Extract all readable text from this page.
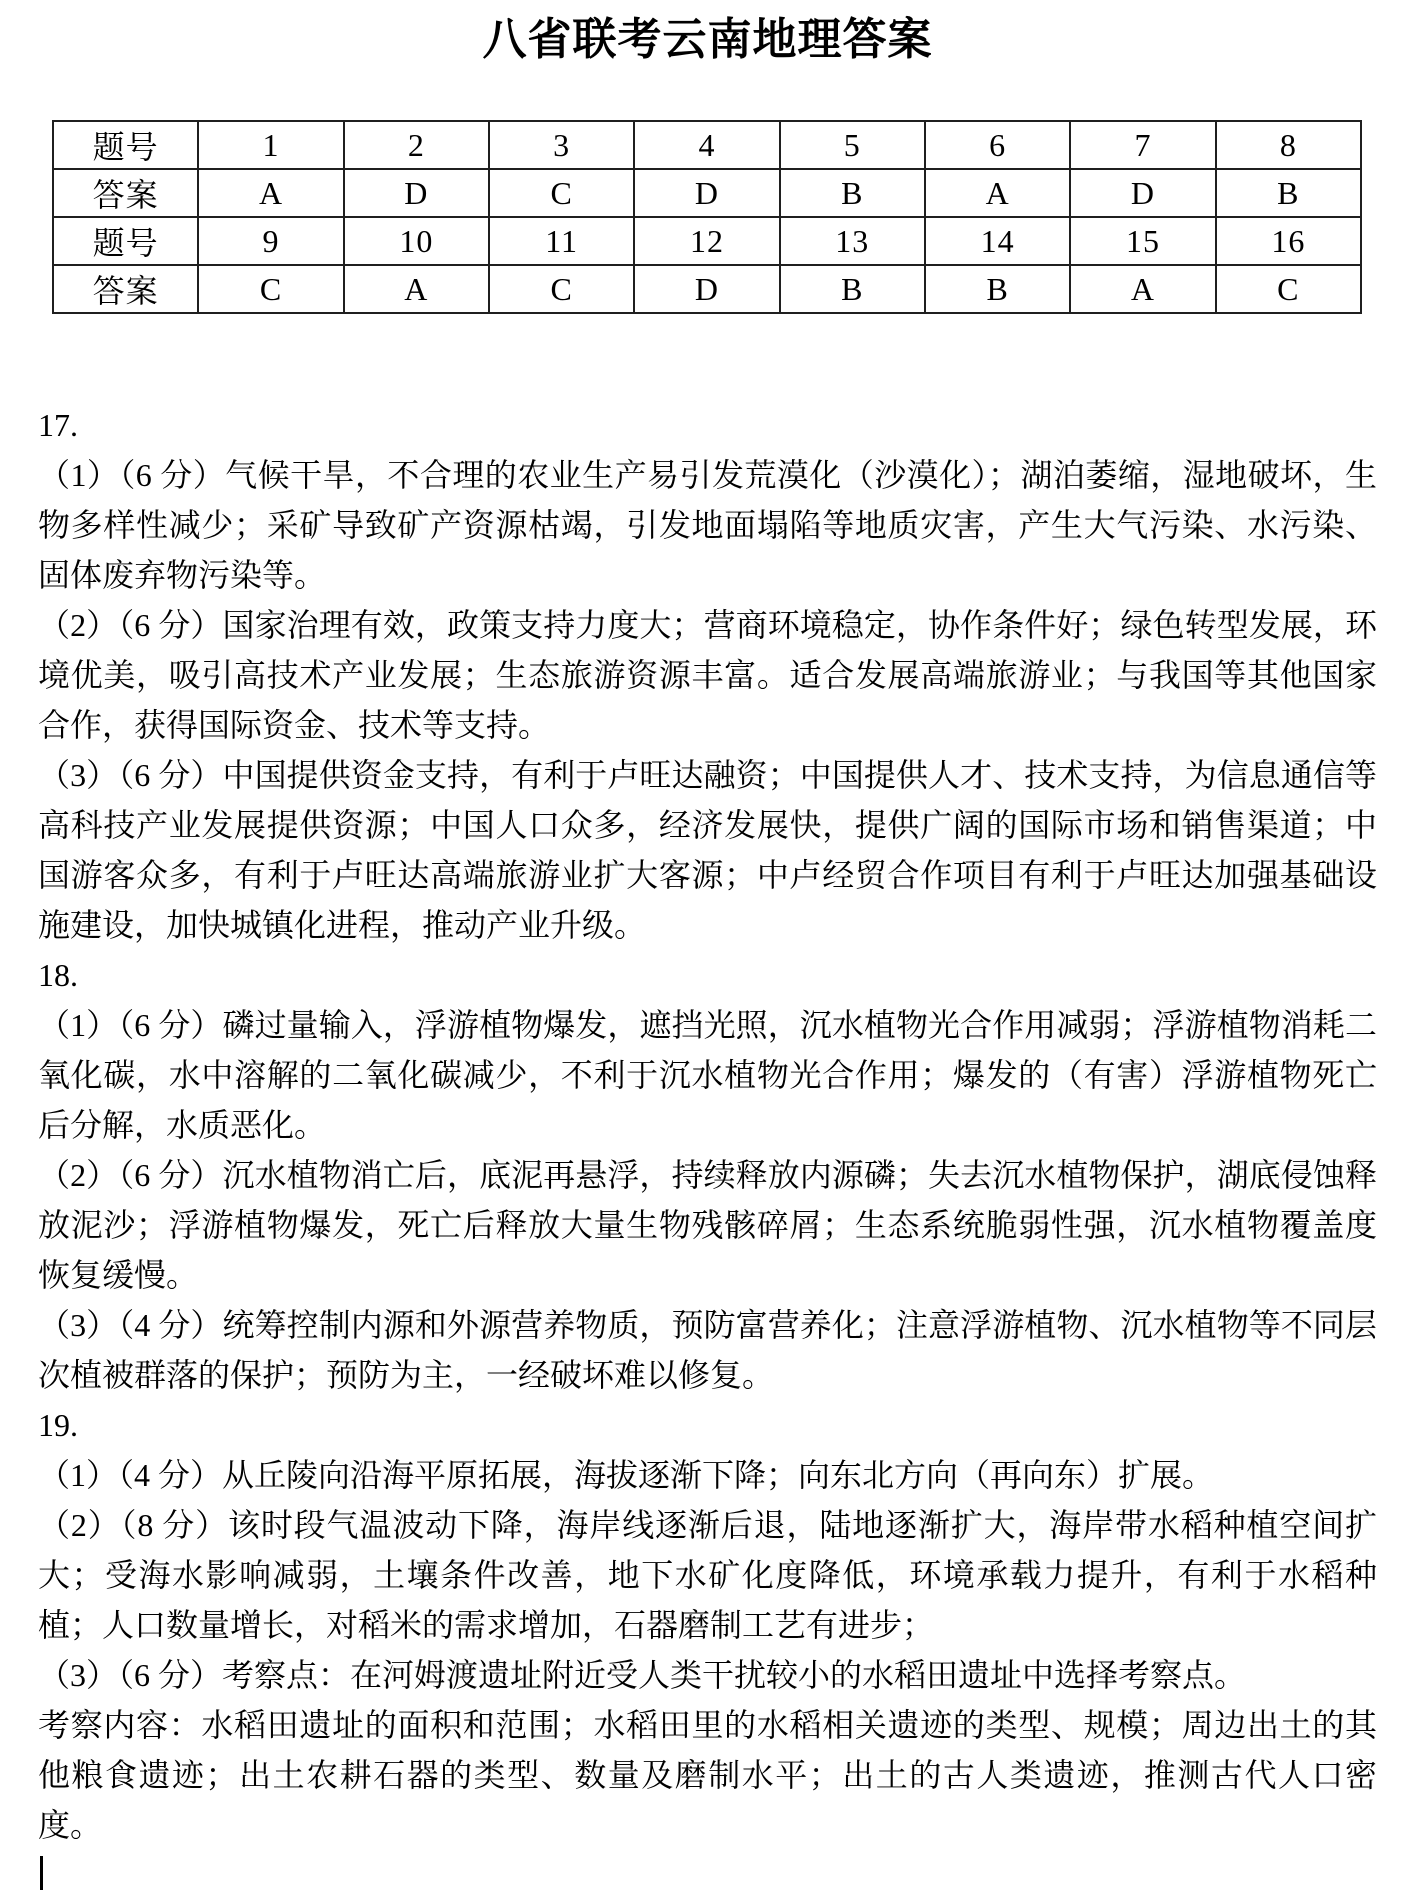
八省联考云南地理答案
题号	1	2	3	4	5	6	7	8
答案	A	D	C	D	B	A	D	B
题号	9	10	11	12	13	14	15	16
答案	C	A	C	D	B	B	A	C
17.

（1）（6 分）气候干旱，不合理的农业生产易引发荒漠化（沙漠化）；湖泊萎缩，湿地破坏，生物多样性减少；采矿导致矿产资源枯竭，引发地面塌陷等地质灾害，产生大气污染、水污染、固体废弃物污染等。

（2）（6 分）国家治理有效，政策支持力度大；营商环境稳定，协作条件好；绿色转型发展，环境优美，吸引高技术产业发展；生态旅游资源丰富。适合发展高端旅游业；与我国等其他国家合作，获得国际资金、技术等支持。

（3）（6 分）中国提供资金支持，有利于卢旺达融资；中国提供人才、技术支持，为信息通信等高科技产业发展提供资源；中国人口众多，经济发展快，提供广阔的国际市场和销售渠道；中国游客众多，有利于卢旺达高端旅游业扩大客源；中卢经贸合作项目有利于卢旺达加强基础设施建设，加快城镇化进程，推动产业升级。

18.

（1）（6 分）磷过量输入，浮游植物爆发，遮挡光照，沉水植物光合作用减弱；浮游植物消耗二氧化碳，水中溶解的二氧化碳减少，不利于沉水植物光合作用；爆发的（有害）浮游植物死亡后分解，水质恶化。

（2）（6 分）沉水植物消亡后，底泥再悬浮，持续释放内源磷；失去沉水植物保护，湖底侵蚀释放泥沙；浮游植物爆发，死亡后释放大量生物残骸碎屑；生态系统脆弱性强，沉水植物覆盖度恢复缓慢。

（3）（4 分）统筹控制内源和外源营养物质，预防富营养化；注意浮游植物、沉水植物等不同层次植被群落的保护；预防为主，一经破坏难以修复。

19.

（1）（4 分）从丘陵向沿海平原拓展，海拔逐渐下降；向东北方向（再向东）扩展。

（2）（8 分）该时段气温波动下降，海岸线逐渐后退，陆地逐渐扩大，海岸带水稻种植空间扩大；受海水影响减弱，土壤条件改善，地下水矿化度降低，环境承载力提升，有利于水稻种植；人口数量增长，对稻米的需求增加，石器磨制工艺有进步；

（3）（6 分）考察点：在河姆渡遗址附近受人类干扰较小的水稻田遗址中选择考察点。

考察内容：水稻田遗址的面积和范围；水稻田里的水稻相关遗迹的类型、规模；周边出土的其他粮食遗迹；出土农耕石器的类型、数量及磨制水平；出土的古人类遗迹，推测古代人口密度。
